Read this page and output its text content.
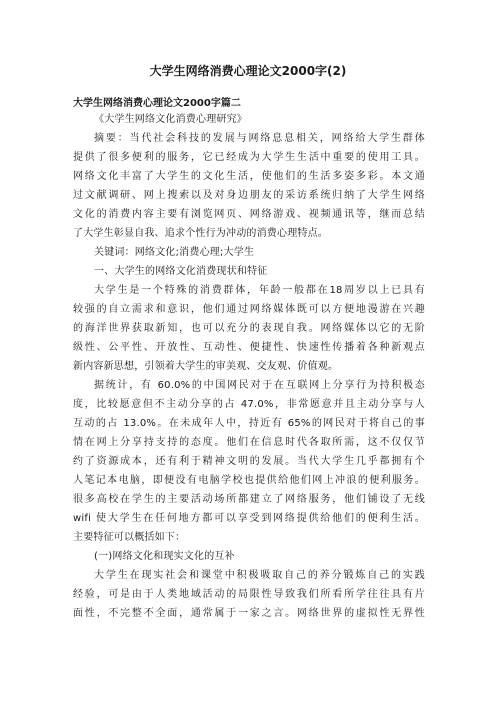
大学生网络消费心理论文2000字(2)
大学生网络消费心理论文2000字篇二
《大学生网络文化消费心理研究》
摘要：当代社会科技的发展与网络息息相关，网络给大学生群体
提供了很多便利的服务，它已经成为大学生生活中重要的使用工具。
网络文化丰富了大学生的文化生活，使他们的生活多姿多彩。本文通
过文献调研、网上搜索以及对身边朋友的采访系统归纳了大学生网络
文化的消费内容主要有浏览网页、网络游戏、视频通讯等，继而总结
了大学生彰显自我、追求个性行为冲动的消费心理特点。
关键词：网络文化;消费心理;大学生
一、大学生的网络文化消费现状和特征
大学生是一个特殊的消费群体，年龄一般都在18周岁以上已具有
较强的自立需求和意识，他们通过网络媒体既可以方便地漫游在兴趣
的海洋世界获取新知，也可以充分的表现自我。网络媒体以它的无阶
级性、公平性、开放性、互动性、便捷性、快速性传播着各种新观点
新内容新思想，引领着大学生的审美观、交友观、价值观。
据统计，有 60.0%的中国网民对于在互联网上分享行为持积极态
度，比较愿意但不主动分享的占 47.0%，非常愿意并且主动分享与人
互动的占 13.0%。在未成年人中，持近有 65%的网民对于将自己的事
情在网上分享持支持的态度。他们在信息时代各取所需，这不仅仅节
约了资源成本，还有利于精神文明的发展。当代大学生几乎都拥有个
人笔记本电脑，即便没有电脑学校也提供给他们网上冲浪的便利服务。
很多高校在学生的主要活动场所都建立了网络服务，他们铺设了无线
wifi 使大学生在任何地方都可以享受到网络提供给他们的便利生活。
主要特征可以概括如下：
(一)网络文化和现实文化的互补
大学生在现实社会和课堂中积极吸取自己的养分锻炼自己的实践
经验，可是由于人类地域活动的局限性导致我们所看所学往往具有片
面性，不完整不全面，通常属于一家之言。网络世界的虚拟性无界性
